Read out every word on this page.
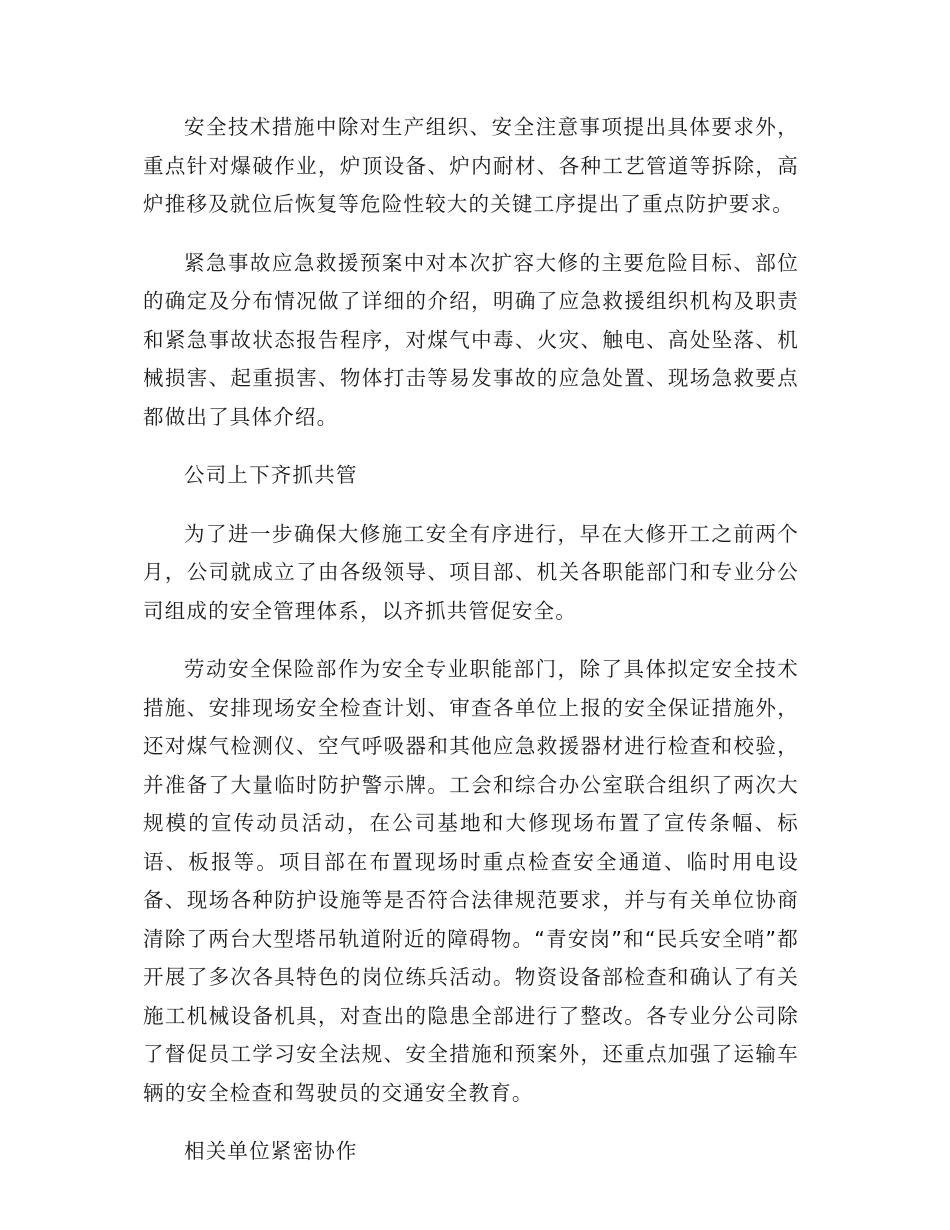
安全技术措施中除对生产组织、安全注意事项提出具体要求外，重点针对爆破作业，炉顶设备、炉内耐材、各种工艺管道等拆除，高炉推移及就位后恢复等危险性较大的关键工序提出了重点防护要求。

紧急事故应急救援预案中对本次扩容大修的主要危险目标、部位的确定及分布情况做了详细的介绍，明确了应急救援组织机构及职责和紧急事故状态报告程序，对煤气中毒、火灾、触电、高处坠落、机械损害、起重损害、物体打击等易发事故的应急处置、现场急救要点都做出了具体介绍。

公司上下齐抓共管

为了进一步确保大修施工安全有序进行，早在大修开工之前两个月，公司就成立了由各级领导、项目部、机关各职能部门和专业分公司组成的安全管理体系，以齐抓共管促安全。

劳动安全保险部作为安全专业职能部门，除了具体拟定安全技术措施、安排现场安全检查计划、审查各单位上报的安全保证措施外，还对煤气检测仪、空气呼吸器和其他应急救援器材进行检查和校验，并准备了大量临时防护警示牌。工会和综合办公室联合组织了两次大规模的宣传动员活动，在公司基地和大修现场布置了宣传条幅、标语、板报等。项目部在布置现场时重点检查安全通道、临时用电设备、现场各种防护设施等是否符合法律规范要求，并与有关单位协商清除了两台大型塔吊轨道附近的障碍物。“青安岗”和“民兵安全哨”都开展了多次各具特色的岗位练兵活动。物资设备部检查和确认了有关施工机械设备机具，对查出的隐患全部进行了整改。各专业分公司除了督促员工学习安全法规、安全措施和预案外，还重点加强了运输车辆的安全检查和驾驶员的交通安全教育。

相关单位紧密协作
